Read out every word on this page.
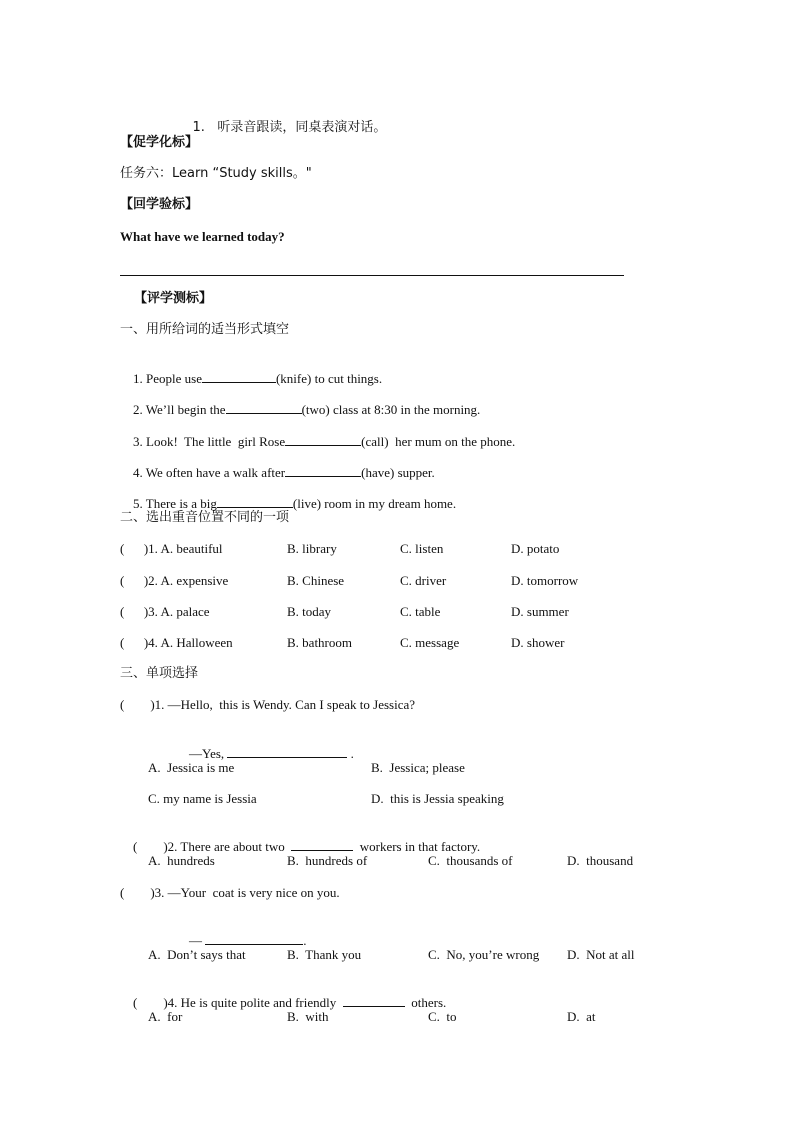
1. 听录音跟读，同桌表演对话。

【促学化标】
任务六：Learn “Study skills。"
【回学验标】
What have we learned today?
【评学测标】
一、用所给词的适当形式填空

1. People use	(knife) to cut things.

2. We’ll begin the	(two) class at 8:30 in the morning.

3. Look!  The little  girl Rose	(call)  her mum on the phone.

4. We often have a walk after	(have) supper.

5. There is a big	(live) room in my dream home.

二、选出重音位置不同的一项
(      )1. A. beautiful	B. library	C. listen	D. potato
(      )2. A. expensive	B. Chinese	C. driver	D. tomorrow
(      )3. A. palace	B. today	C. table	D. summer
(      )4. A. Halloween	B. bathroom	C. message	D. shower
三、单项选择
(        )1. —Hello,  this is Wendy. Can I speak to Jessica?

—Yes,	.

A.  Jessica is me	B.  Jessica; please
C. my name is Jessia	D.  this is Jessia speaking

(        )2. There are about two	workers in that factory.

A.  hundreds	B.  hundreds of	C.  thousands of	D.  thousand
(        )3. —Your  coat is very nice on you.

—	.

A.  Don’t says that	B.  Thank you	C.  No, you’re wrong D.  Not at all

(        )4. He is quite polite and friendly	others.

A.  for	B.  with	C.  to	D.  at
